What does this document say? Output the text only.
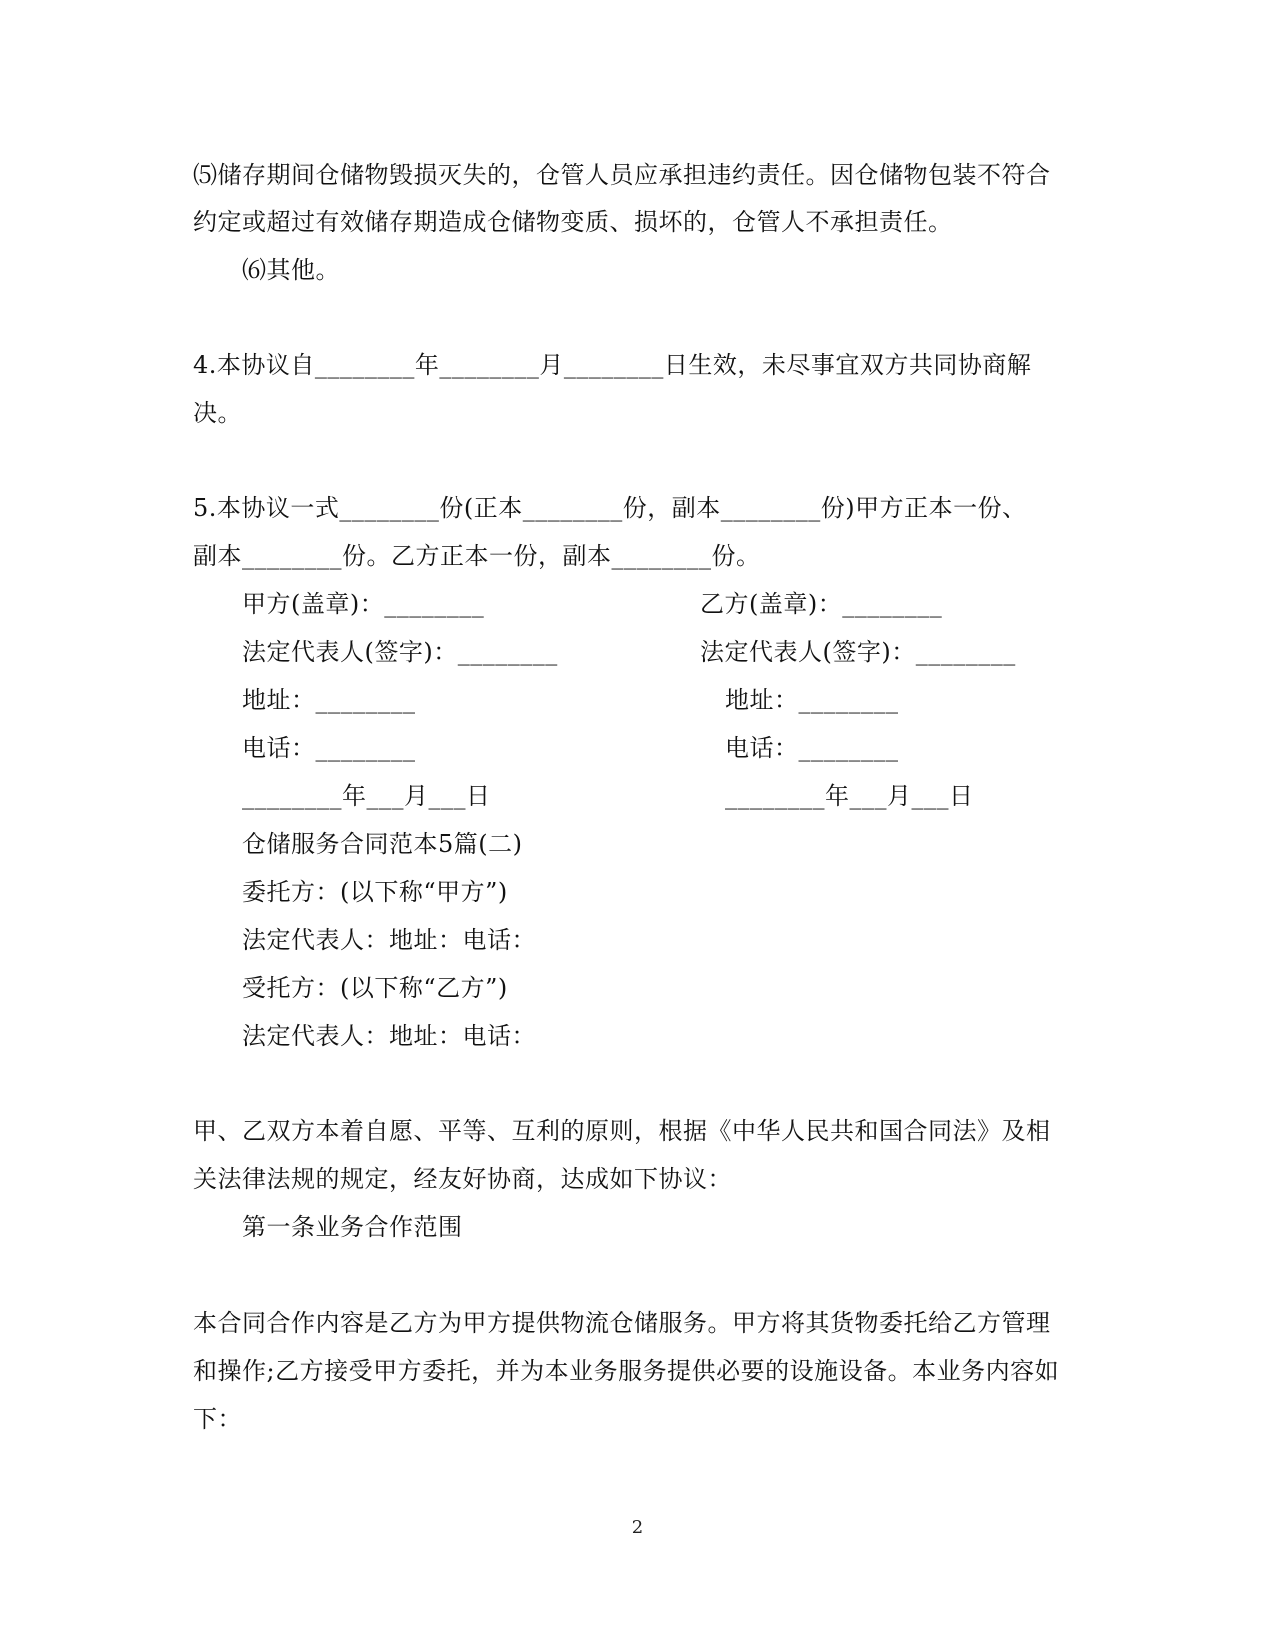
⑸储存期间仓储物毁损灭失的，仓管人员应承担违约责任。因仓储物包装不符合
约定或超过有效储存期造成仓储物变质、损坏的，仓管人不承担责任。
⑹其他。
4.本协议自________年________月________日生效，未尽事宜双方共同协商解
决。
5.本协议一式________份(正本________份，副本________份)甲方正本一份、
副本________份。乙方正本一份，副本________份。
甲方(盖章)：________	乙方(盖章)：________
法定代表人(签字)：________	法定代表人(签字)：________
地址：________	地址：________
电话：________	电话：________
________年___月___日	________年___月___日
仓储服务合同范本5篇(二)
委托方：(以下称“甲方”)
法定代表人：地址：电话：
受托方：(以下称“乙方”)
法定代表人：地址：电话：
甲、乙双方本着自愿、平等、互利的原则，根据《中华人民共和国合同法》及相
关法律法规的规定，经友好协商，达成如下协议：
第一条业务合作范围
本合同合作内容是乙方为甲方提供物流仓储服务。甲方将其货物委托给乙方管理
和操作;乙方接受甲方委托，并为本业务服务提供必要的设施设备。本业务内容如
下：
2
